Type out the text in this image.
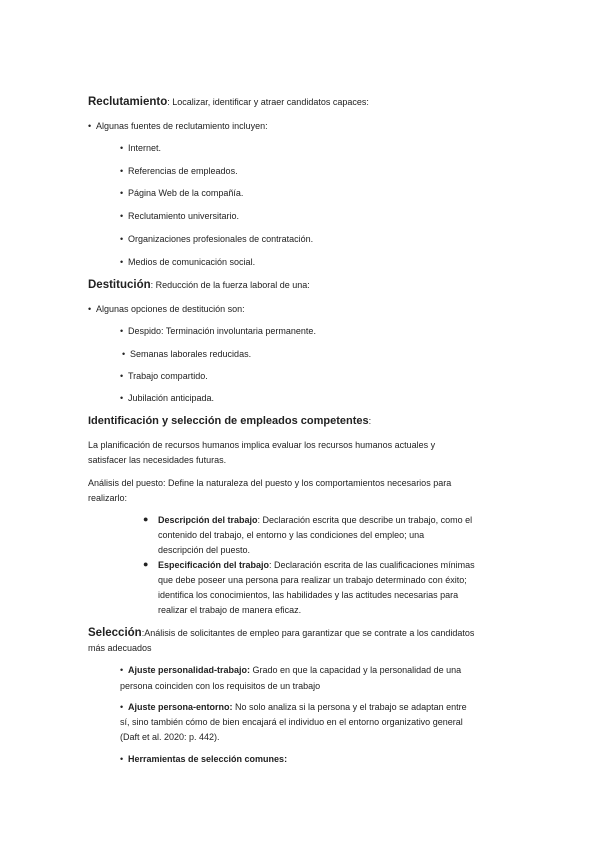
Reclutamiento: Localizar, identificar y atraer candidatos capaces:
• Algunas fuentes de reclutamiento incluyen:
• Internet.
• Referencias de empleados.
• Página Web de la compañía.
• Reclutamiento universitario.
• Organizaciones profesionales de contratación.
• Medios de comunicación social.
Destitución: Reducción de la fuerza laboral de una:
• Algunas opciones de destitución son:
• Despido: Terminación involuntaria permanente.
• Semanas laborales reducidas.
• Trabajo compartido.
• Jubilación anticipada.
Identificación y selección de empleados competentes:
La planificación de recursos humanos implica evaluar los recursos humanos actuales y
satisfacer las necesidades futuras.
Análisis del puesto: Define la naturaleza del puesto y los comportamientos necesarios para
realizarlo:
● Descripción del trabajo: Declaración escrita que describe un trabajo, como el
contenido del trabajo, el entorno y las condiciones del empleo; una
descripción del puesto.
● Especificación del trabajo: Declaración escrita de las cualificaciones mínimas
que debe poseer una persona para realizar un trabajo determinado con éxito;
identifica los conocimientos, las habilidades y las actitudes necesarias para
realizar el trabajo de manera eficaz.
Selección:Análisis de solicitantes de empleo para garantizar que se contrate a los candidatos
más adecuados
• Ajuste personalidad-trabajo: Grado en que la capacidad y la personalidad de una
persona coinciden con los requisitos de un trabajo
• Ajuste persona-entorno: No solo analiza si la persona y el trabajo se adaptan entre
sí, sino también cómo de bien encajará el individuo en el entorno organizativo general
(Daft et al. 2020: p. 442).
• Herramientas de selección comunes:
